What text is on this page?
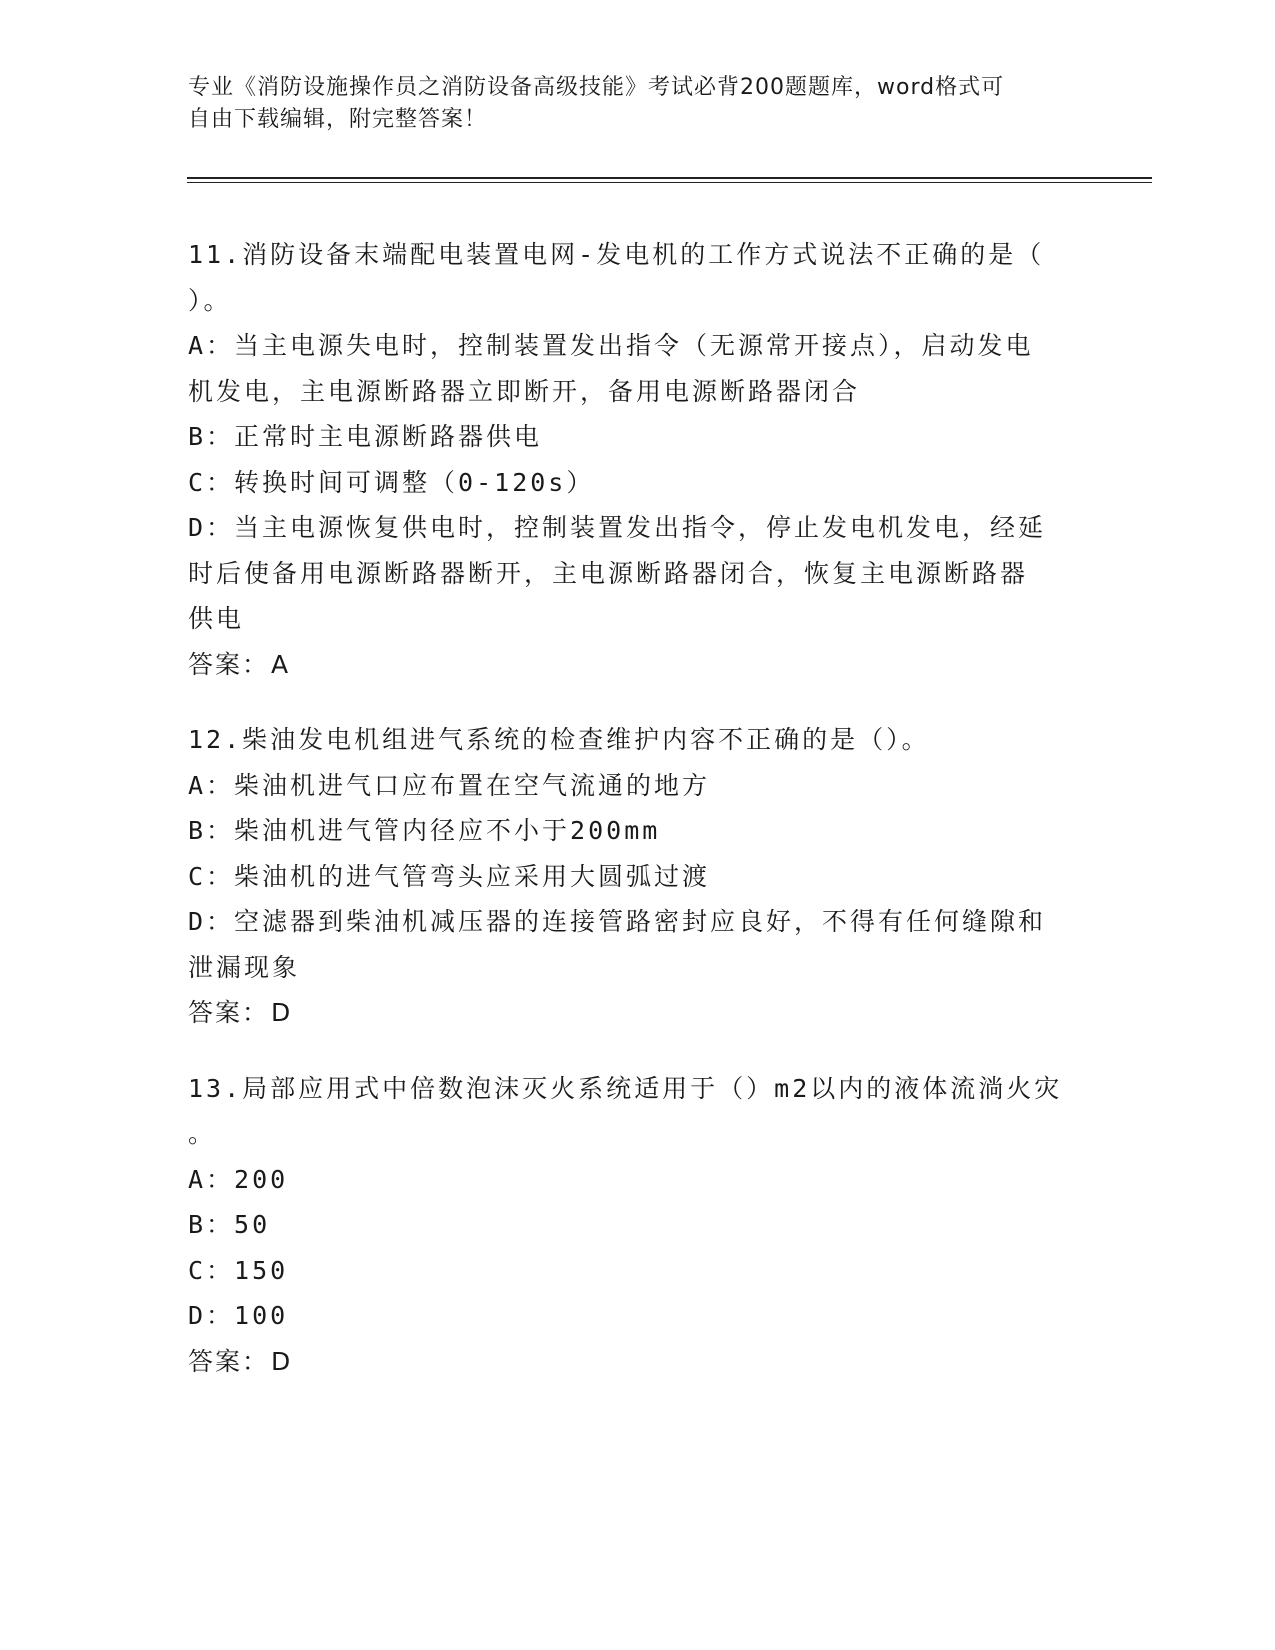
专业《消防设施操作员之消防设备高级技能》考试必背200题题库，word格式可
自由下载编辑，附完整答案！

11.消防设备末端配电装置电网-发电机的工作方式说法不正确的是（
）。

A：当主电源失电时，控制装置发出指令（无源常开接点），启动发电
机发电，主电源断路器立即断开，备用电源断路器闭合

B：正常时主电源断路器供电

C：转换时间可调整（0-120s）

D：当主电源恢复供电时，控制装置发出指令，停止发电机发电，经延
时后使备用电源断路器断开，主电源断路器闭合，恢复主电源断路器
供电

答案：A

12.柴油发电机组进气系统的检查维护内容不正确的是（）。

A：柴油机进气口应布置在空气流通的地方

B：柴油机进气管内径应不小于200mm

C：柴油机的进气管弯头应采用大圆弧过渡

D：空滤器到柴油机减压器的连接管路密封应良好，不得有任何缝隙和
泄漏现象

答案：D

13.局部应用式中倍数泡沫灭火系统适用于（）m2以内的液体流淌火灾
。

A：200

B：50

C：150

D：100

答案：D
